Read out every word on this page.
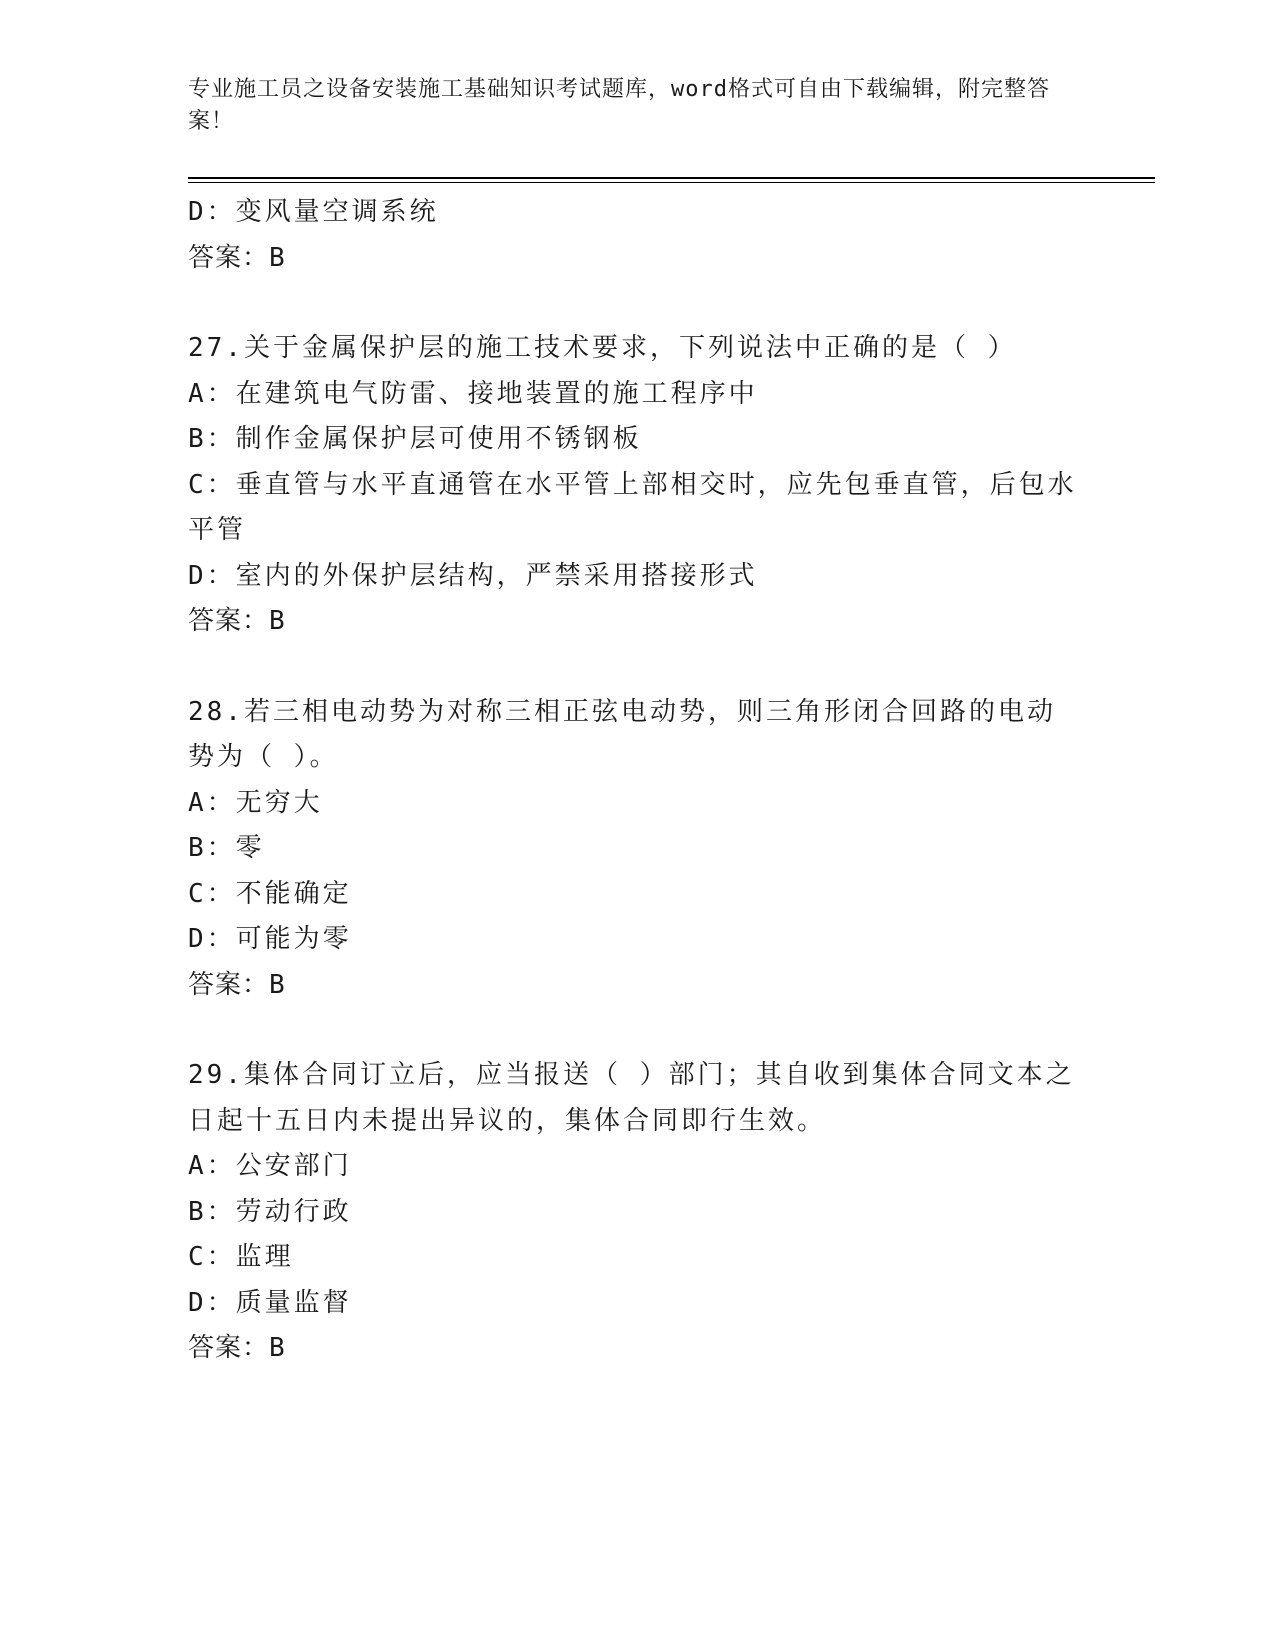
专业施工员之设备安装施工基础知识考试题库，word格式可自由下载编辑，附完整答案！
D：变风量空调系统
答案：B
27.关于金属保护层的施工技术要求，下列说法中正确的是（ ）
A：在建筑电气防雷、接地装置的施工程序中
B：制作金属保护层可使用不锈钢板
C：垂直管与水平直通管在水平管上部相交时，应先包垂直管，后包水平管
D：室内的外保护层结构，严禁采用搭接形式
答案：B
28.若三相电动势为对称三相正弦电动势，则三角形闭合回路的电动势为（ ）。
A：无穷大
B：零
C：不能确定
D：可能为零
答案：B
29.集体合同订立后，应当报送（ ）部门；其自收到集体合同文本之日起十五日内未提出异议的，集体合同即行生效。
A：公安部门
B：劳动行政
C：监理
D：质量监督
答案：B
